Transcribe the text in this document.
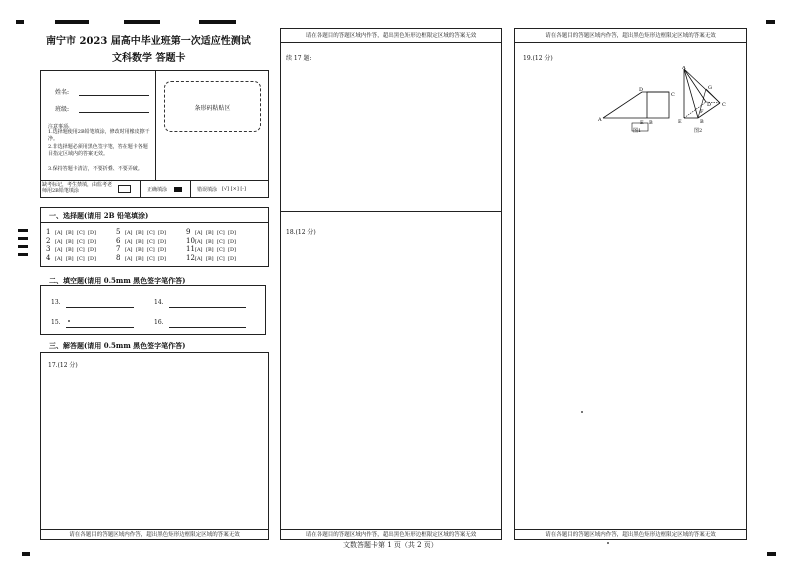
南宁市 2023 届高中毕业班第一次适应性测试
文科数学 答题卡
姓名:
班级:	条形码粘贴区
注意事项:
1.选择题使用2B铅笔填涂，修改时用橡皮擦干净。
2.非选择题必须用黑色签字笔，答在题卡各题目指定区域内的答案无效。
3.保持答题卡清洁，不要折叠、不要弄破。
缺考标记，考生禁填，由监考老师用2B铅笔填涂	正确填涂	错误填涂 [√] [×] [-]
一、选择题(请用 2B 铅笔填涂)
1 [A] [B] [C] [D]
2 [A] [B] [C] [D]
3 [A] [B] [C] [D]
4 [A] [B] [C] [D]
5 [A] [B] [C] [D]
6 [A] [B] [C] [D]
7 [A] [B] [C] [D]
8 [A] [B] [C] [D]
9 [A] [B] [C] [D]
10[A] [B] [C] [D]
11[A] [B] [C] [D]
12[A] [B] [C] [D]
二、填空题(请用 0.5mm 黑色签字笔作答)
13.	14.
15.	16.
三、解答题(请用 0.5mm 黑色签字笔作答)
17.(12 分)
请在各题目的答题区域内作答，超出黑色矩形边框限定区域的答案无效
请在各题目的答题区域内作答，超出黑色矩形边框限定区域的答案无效
续 17 题:
18.(12 分)
请在各题目的答题区域内作答，超出黑色矩形边框限定区域的答案无效
请在各题目的答题区域内作答，超出黑色矩形边框限定区域的答案无效
19.(12 分)
请在各题目的答题区域内作答，超出黑色矩形边框限定区域的答案无效
A	B
C
D
E
图1
A
B
C
D
E
F
G
图2
文数答题卡第 1 页（共 2 页）
